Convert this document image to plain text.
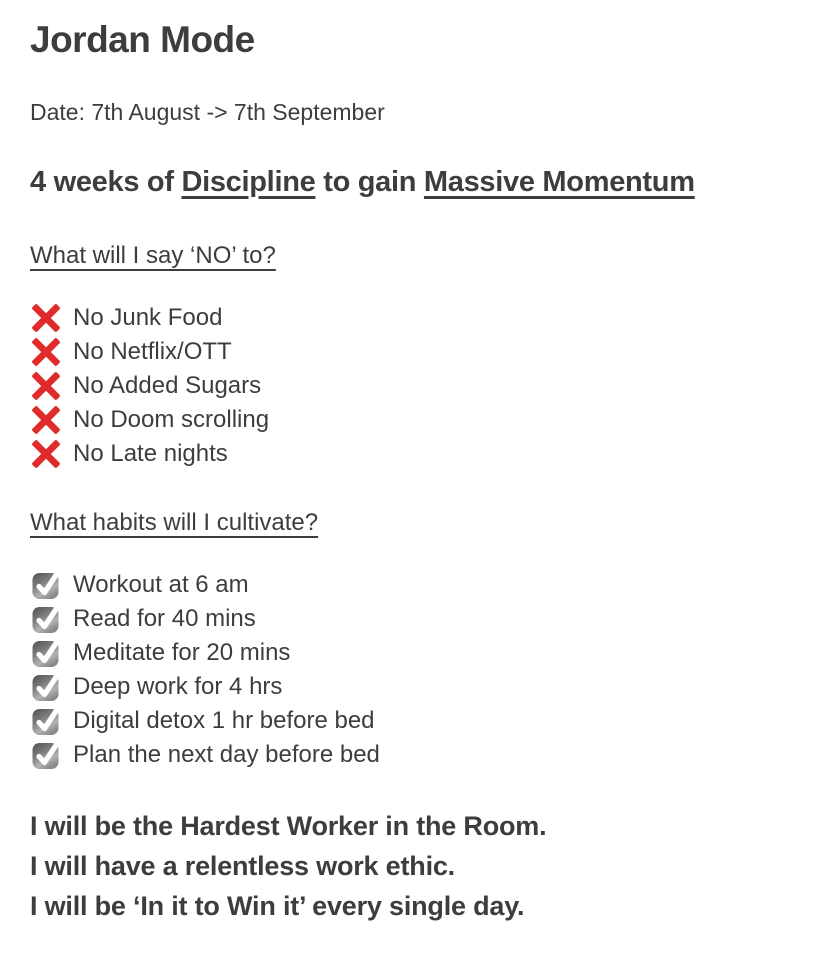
Jordan Mode

Date: 7th August -> 7th September

4 weeks of Discipline to gain Massive Momentum
What will I say ‘NO’ to?
No Junk Food
No Netflix/OTT
No Added Sugars
No Doom scrolling
No Late nights
What habits will I cultivate?
Workout at 6 am
Read for 40 mins
Meditate for 20 mins
Deep work for 4 hrs
Digital detox 1 hr before bed
Plan the next day before bed
I will be the Hardest Worker in the Room.
I will have a relentless work ethic.
I will be ‘In it to Win it’ every single day.
